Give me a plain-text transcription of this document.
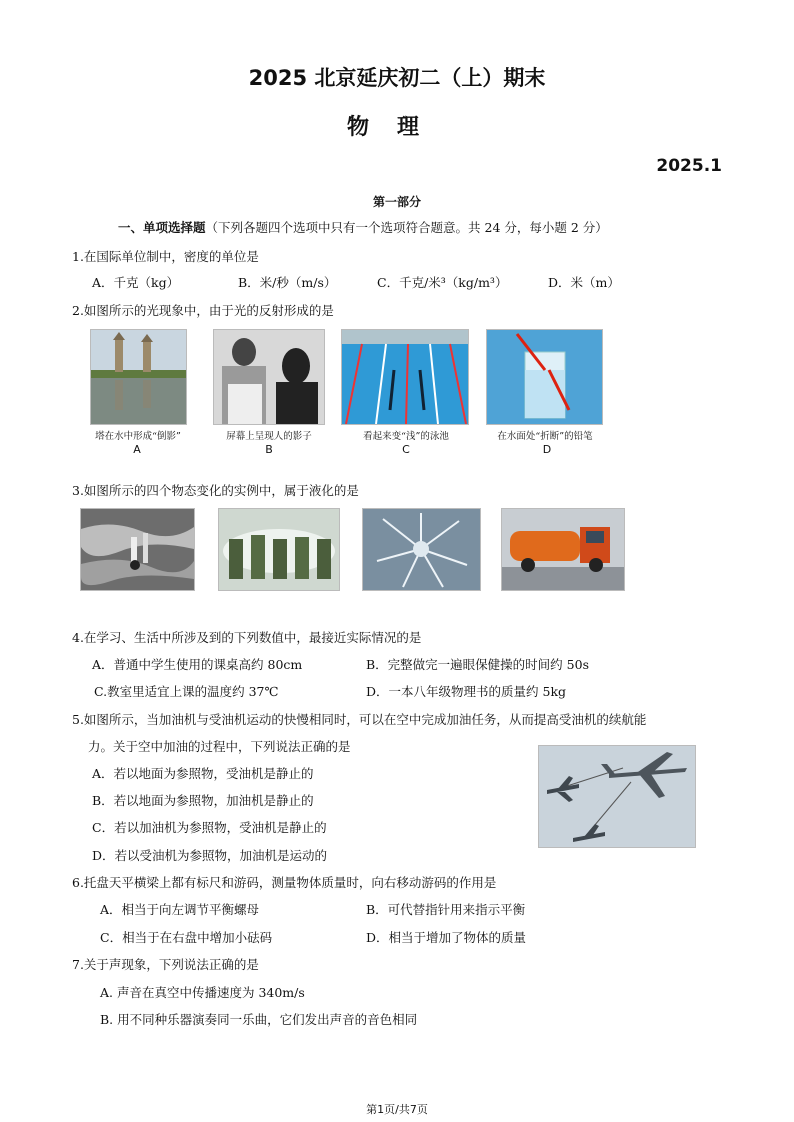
2025 北京延庆初二（上）期末
物理
2025.1
第一部分
一、单项选择题（下列各题四个选项中只有一个选项符合题意。共 24 分，每小题 2 分）
1.在国际单位制中，密度的单位是
A．千克（kg）	B．米/秒（m/s）	C．千克/米³（kg/m³）	D．米（m）
2.如图所示的光现象中，由于光的反射形成的是
塔在水中形成“倒影”	屏幕上呈现人的影子	看起来变“浅”的泳池	在水面处“折断”的铅笔
A	B	C	D
3.如图所示的四个物态变化的实例中，属于液化的是
4.在学习、生活中所涉及到的下列数值中，最接近实际情况的是
A．普通中学生使用的课桌高约 80cm	B．完整做完一遍眼保健操的时间约 50s
C.教室里适宜上课的温度约 37℃	D．一本八年级物理书的质量约 5kg
5.如图所示，当加油机与受油机运动的快慢相同时，可以在空中完成加油任务，从而提高受油机的续航能
力。关于空中加油的过程中，下列说法正确的是
A．若以地面为参照物，受油机是静止的
B．若以地面为参照物，加油机是静止的
C．若以加油机为参照物，受油机是静止的
D．若以受油机为参照物，加油机是运动的
6.托盘天平横梁上都有标尺和游码，测量物体质量时，向右移动游码的作用是
A．相当于向左调节平衡螺母	B．可代替指针用来指示平衡
C．相当于在右盘中增加小砝码	D．相当于增加了物体的质量
7.关于声现象，下列说法正确的是
A. 声音在真空中传播速度为 340m/s
B. 用不同种乐器演奏同一乐曲，它们发出声音的音色相同
第1页/共7页
